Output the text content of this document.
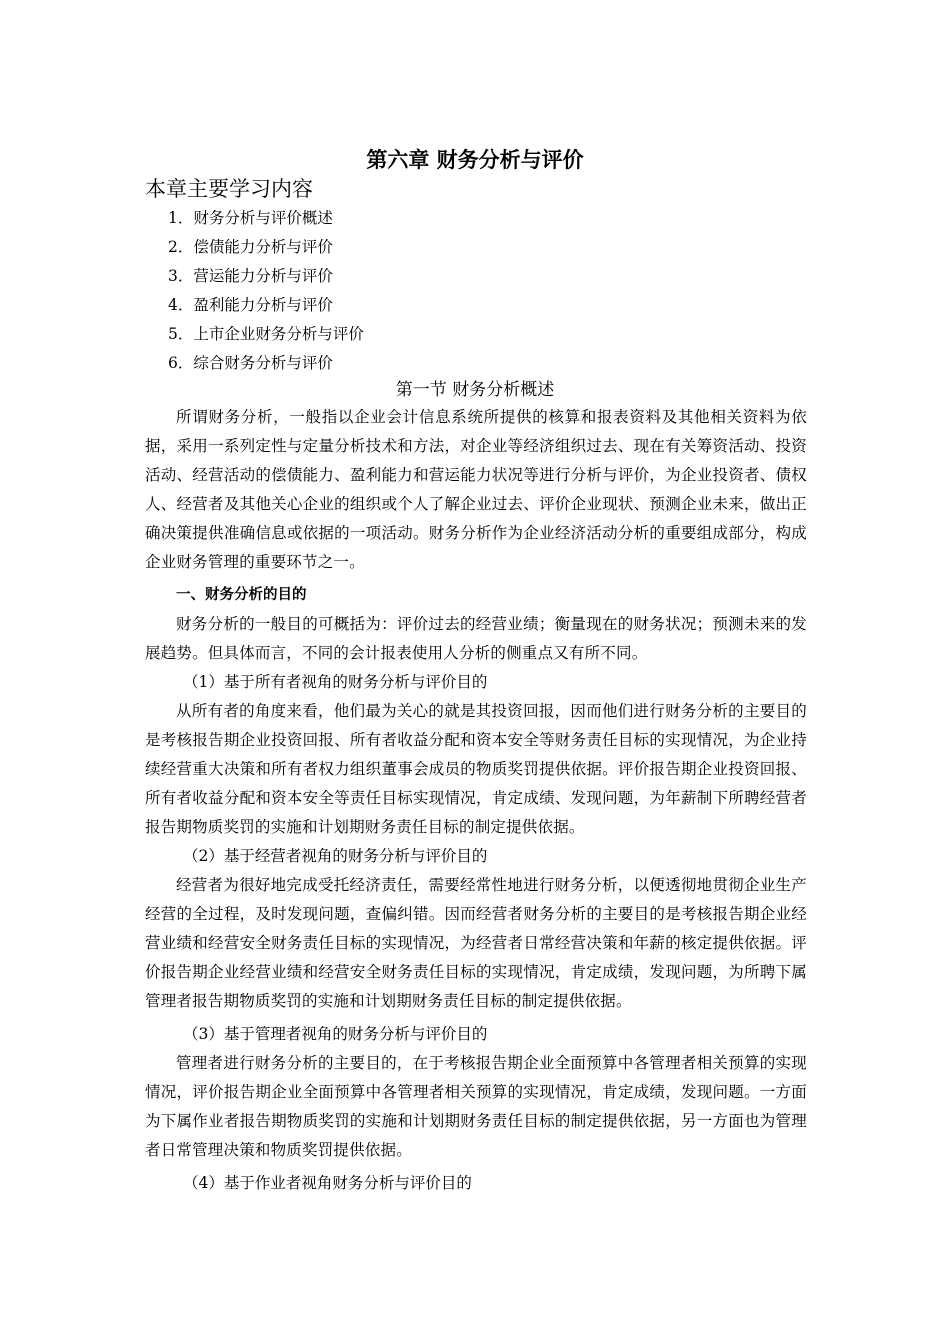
第六章 财务分析与评价
本章主要学习内容
1．财务分析与评价概述
2．偿债能力分析与评价
3．营运能力分析与评价
4．盈利能力分析与评价
5．上市企业财务分析与评价
6．综合财务分析与评价
第一节 财务分析概述

所谓财务分析，一般指以企业会计信息系统所提供的核算和报表资料及其他相关资料为依据，采用一系列定性与定量分析技术和方法，对企业等经济组织过去、现在有关筹资活动、投资活动、经营活动的偿债能力、盈利能力和营运能力状况等进行分析与评价，为企业投资者、债权人、经营者及其他关心企业的组织或个人了解企业过去、评价企业现状、预测企业未来，做出正确决策提供准确信息或依据的一项活动。财务分析作为企业经济活动分析的重要组成部分，构成企业财务管理的重要环节之一。

一、财务分析的目的

财务分析的一般目的可概括为：评价过去的经营业绩；衡量现在的财务状况；预测未来的发展趋势。但具体而言，不同的会计报表使用人分析的侧重点又有所不同。

（1）基于所有者视角的财务分析与评价目的

从所有者的角度来看，他们最为关心的就是其投资回报，因而他们进行财务分析的主要目的是考核报告期企业投资回报、所有者收益分配和资本安全等财务责任目标的实现情况，为企业持续经营重大决策和所有者权力组织董事会成员的物质奖罚提供依据。评价报告期企业投资回报、所有者收益分配和资本安全等责任目标实现情况，肯定成绩、发现问题，为年薪制下所聘经营者报告期物质奖罚的实施和计划期财务责任目标的制定提供依据。

（2）基于经营者视角的财务分析与评价目的

经营者为很好地完成受托经济责任，需要经常性地进行财务分析，以便透彻地贯彻企业生产经营的全过程，及时发现问题，查偏纠错。因而经营者财务分析的主要目的是考核报告期企业经营业绩和经营安全财务责任目标的实现情况，为经营者日常经营决策和年薪的核定提供依据。评价报告期企业经营业绩和经营安全财务责任目标的实现情况，肯定成绩，发现问题，为所聘下属管理者报告期物质奖罚的实施和计划期财务责任目标的制定提供依据。

（3）基于管理者视角的财务分析与评价目的

管理者进行财务分析的主要目的，在于考核报告期企业全面预算中各管理者相关预算的实现情况，评价报告期企业全面预算中各管理者相关预算的实现情况，肯定成绩，发现问题。一方面为下属作业者报告期物质奖罚的实施和计划期财务责任目标的制定提供依据，另一方面也为管理者日常管理决策和物质奖罚提供依据。

（4）基于作业者视角财务分析与评价目的
